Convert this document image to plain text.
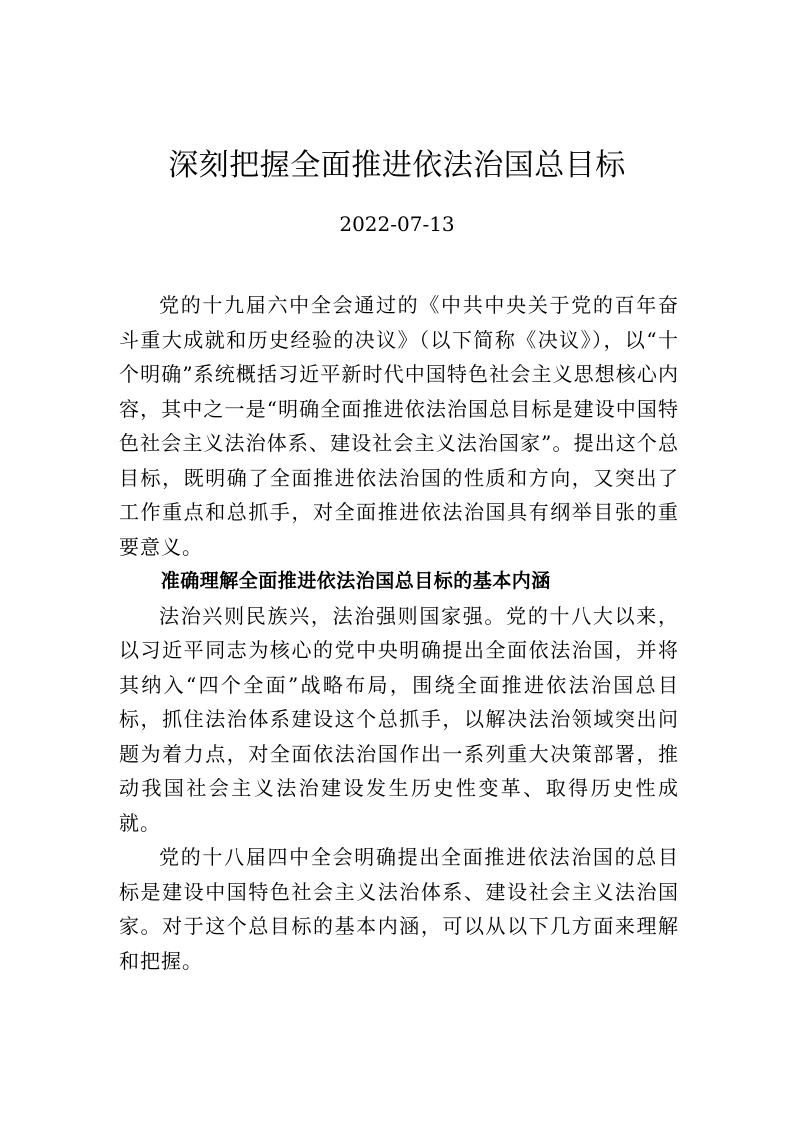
深刻把握全面推进依法治国总目标
2022-07-13

党的十九届六中全会通过的《中共中央关于党的百年奋斗重大成就和历史经验的决议》（以下简称《决议》），以“十个明确”系统概括习近平新时代中国特色社会主义思想核心内容，其中之一是“明确全面推进依法治国总目标是建设中国特色社会主义法治体系、建设社会主义法治国家”。提出这个总目标，既明确了全面推进依法治国的性质和方向，又突出了工作重点和总抓手，对全面推进依法治国具有纲举目张的重要意义。

准确理解全面推进依法治国总目标的基本内涵

法治兴则民族兴，法治强则国家强。党的十八大以来，以习近平同志为核心的党中央明确提出全面依法治国，并将其纳入“四个全面”战略布局，围绕全面推进依法治国总目 标，抓住法治体系建设这个总抓手，以解决法治领域突出问 题为着力点，对全面依法治国作出一系列重大决策部署，推 动我国社会主义法治建设发生历史性变革、取得历史性成就。

党的十八届四中全会明确提出全面推进依法治国的总目标是建设中国特色社会主义法治体系、建设社会主义法治国家。对于这个总目标的基本内涵，可以从以下几方面来理解和把握。
